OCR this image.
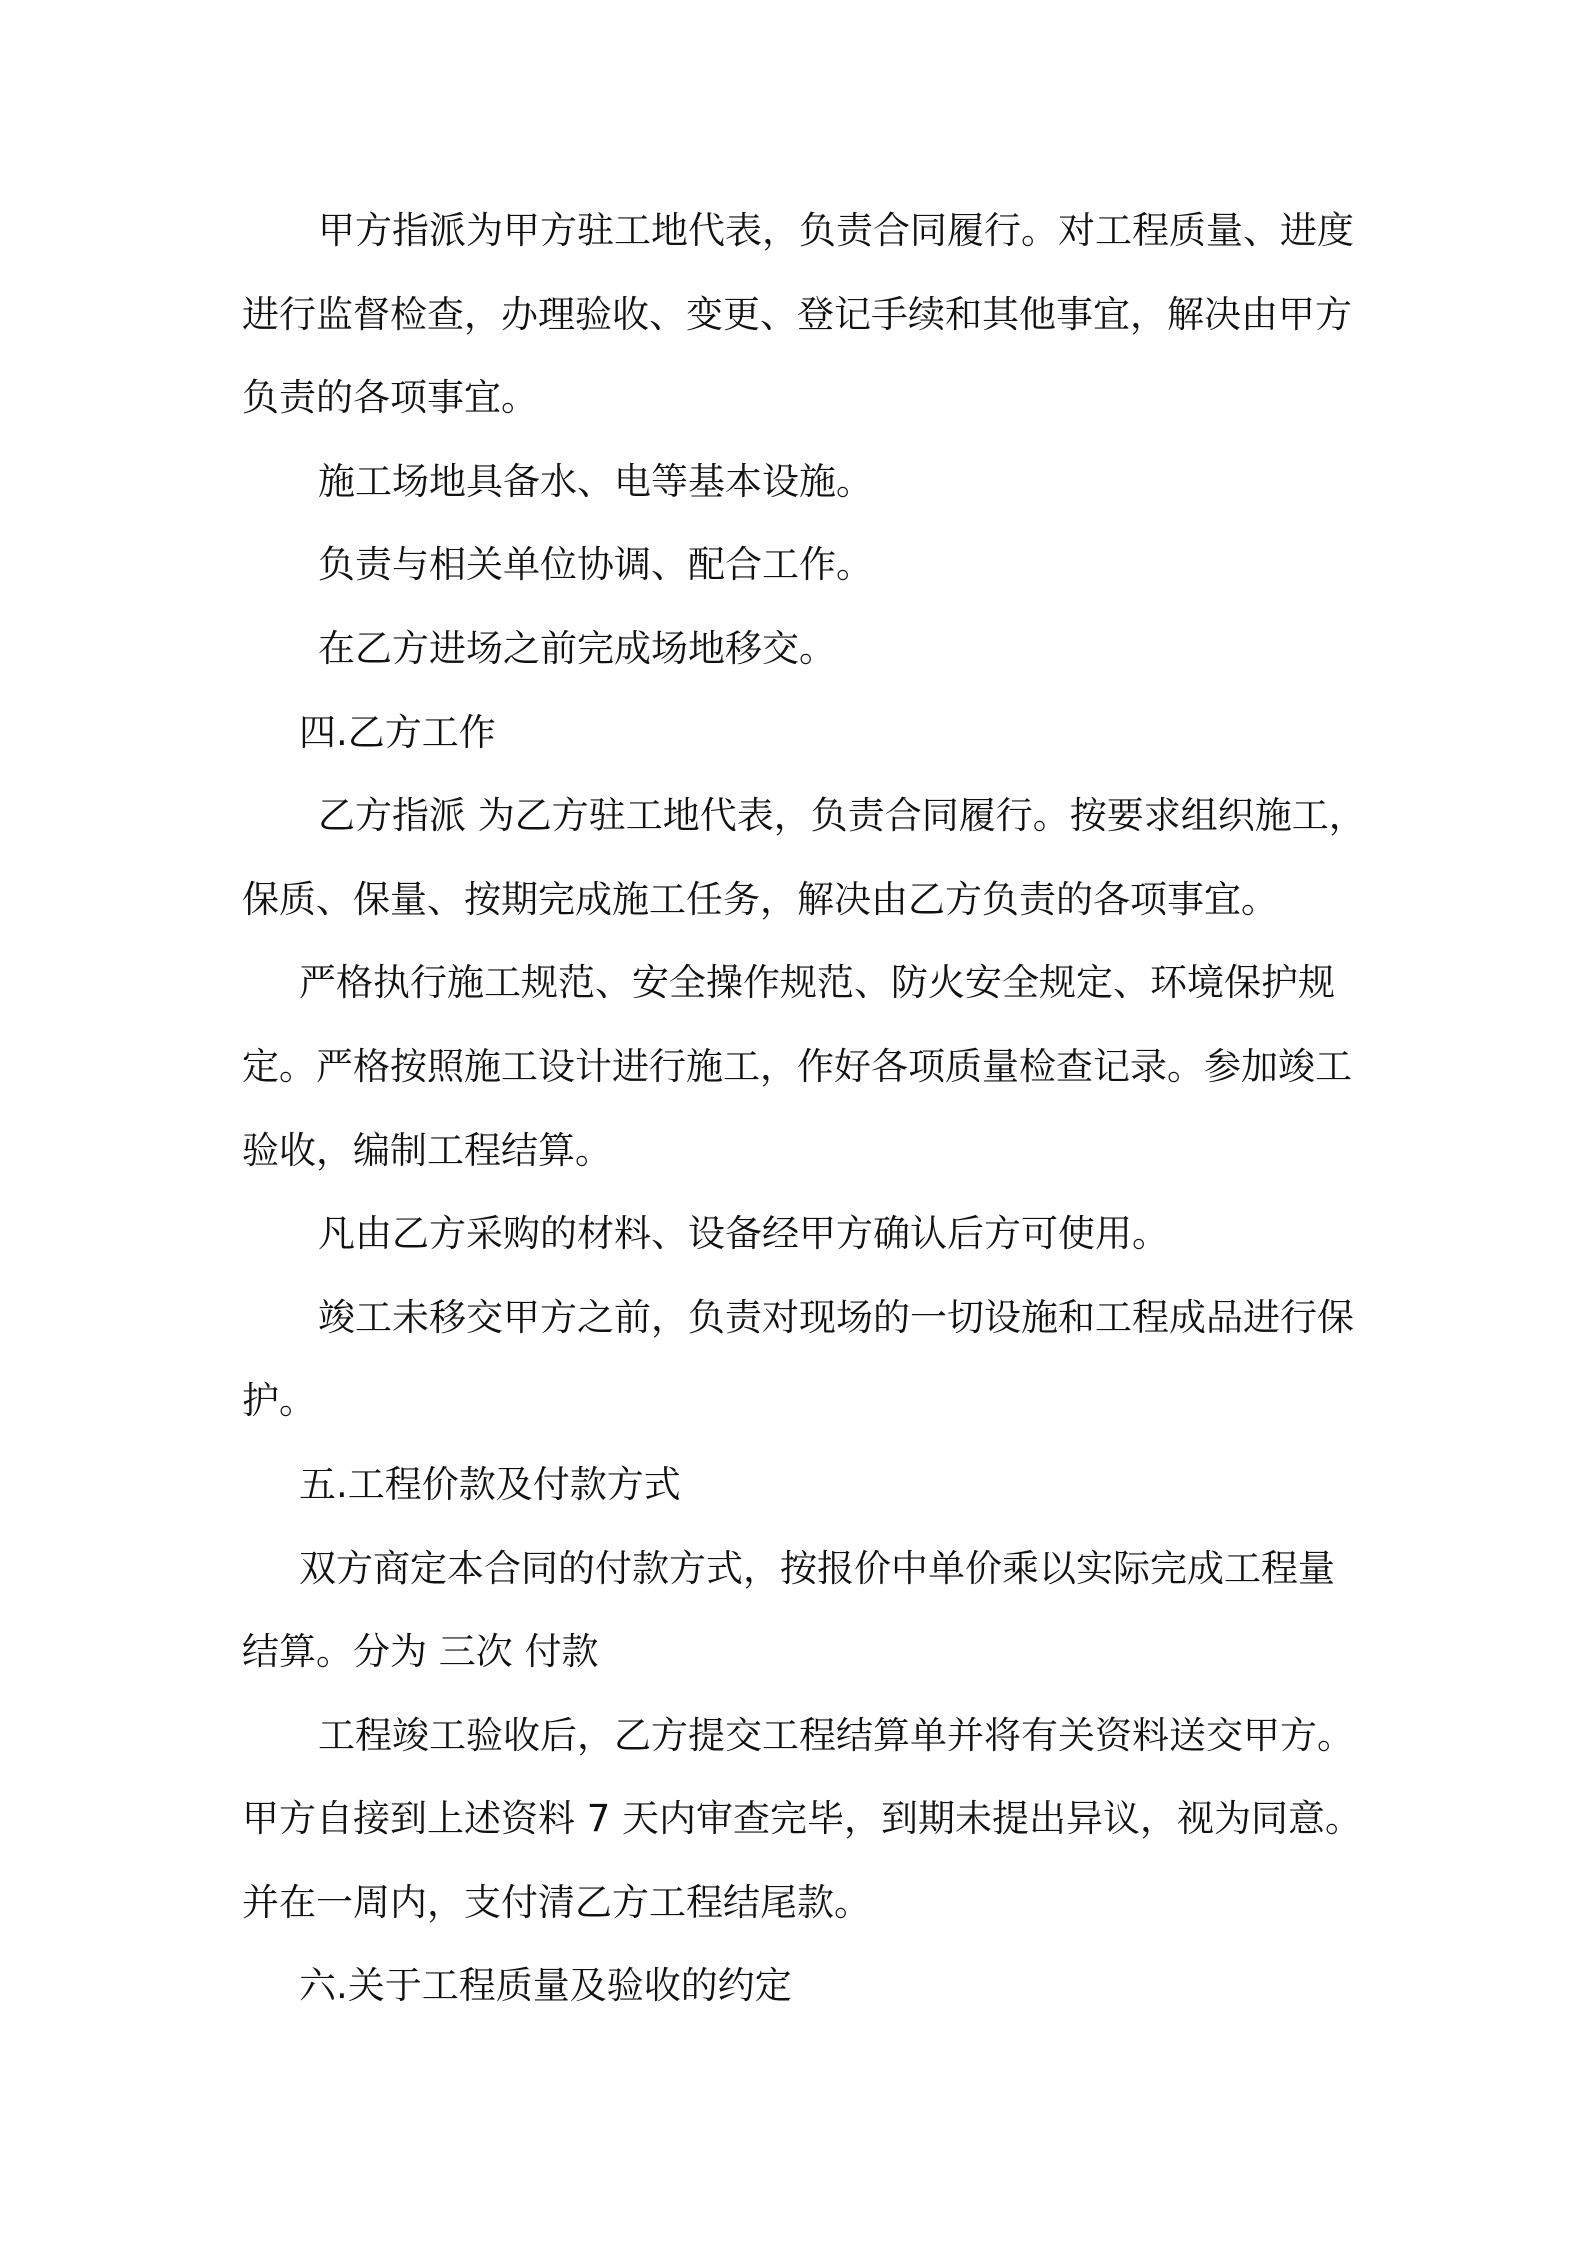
甲方指派为甲方驻工地代表，负责合同履行。对工程质量、进度
进行监督检查，办理验收、变更、登记手续和其他事宜，解决由甲方
负责的各项事宜。
施工场地具备水、电等基本设施。
负责与相关单位协调、配合工作。
在乙方进场之前完成场地移交。
四.乙方工作
乙方指派 为乙方驻工地代表，负责合同履行。按要求组织施工，
保质、保量、按期完成施工任务，解决由乙方负责的各项事宜。
严格执行施工规范、安全操作规范、防火安全规定、环境保护规
定。严格按照施工设计进行施工，作好各项质量检查记录。参加竣工
验收，编制工程结算。
凡由乙方采购的材料、设备经甲方确认后方可使用。
竣工未移交甲方之前，负责对现场的一切设施和工程成品进行保
护。
五.工程价款及付款方式
双方商定本合同的付款方式，按报价中单价乘以实际完成工程量
结算。分为 三次 付款
工程竣工验收后，乙方提交工程结算单并将有关资料送交甲方。
甲方自接到上述资料 7 天内审查完毕，到期未提出异议，视为同意。
并在一周内，支付清乙方工程结尾款。
六.关于工程质量及验收的约定
